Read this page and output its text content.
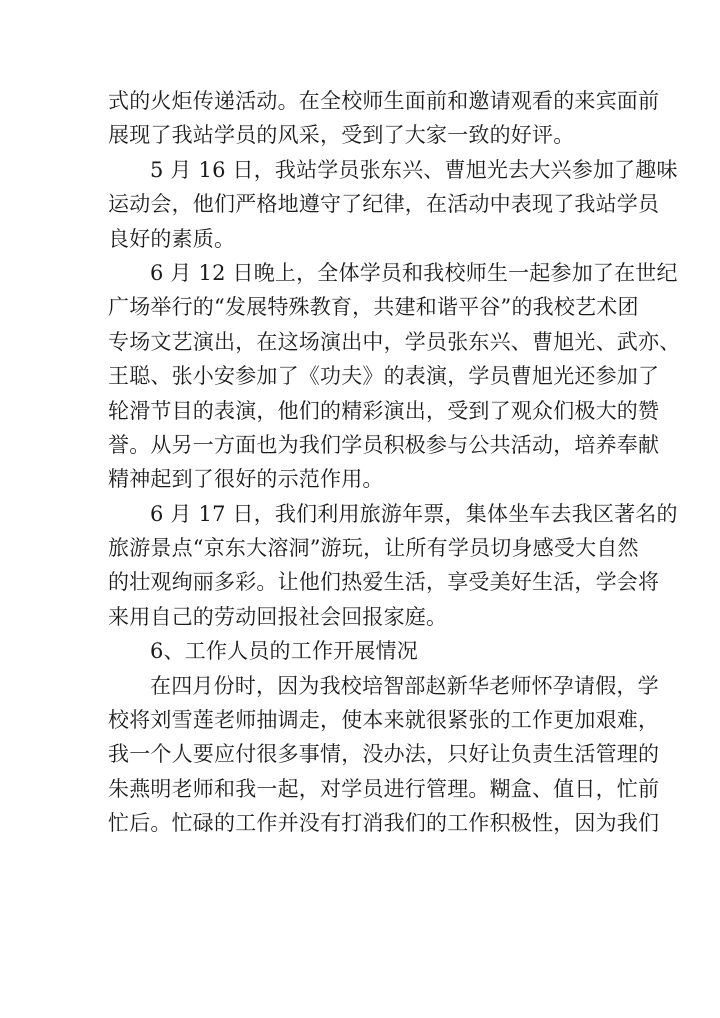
式的火炬传递活动。在全校师生面前和邀请观看的来宾面前
展现了我站学员的风采，受到了大家一致的好评。
5 月 16 日，我站学员张东兴、曹旭光去大兴参加了趣味
运动会，他们严格地遵守了纪律，在活动中表现了我站学员
良好的素质。
6 月 12 日晚上，全体学员和我校师生一起参加了在世纪
广场举行的“发展特殊教育，共建和谐平谷”的我校艺术团
专场文艺演出，在这场演出中，学员张东兴、曹旭光、武亦、
王聪、张小安参加了《功夫》的表演，学员曹旭光还参加了
轮滑节目的表演，他们的精彩演出，受到了观众们极大的赞
誉。从另一方面也为我们学员积极参与公共活动，培养奉献
精神起到了很好的示范作用。
6 月 17 日，我们利用旅游年票，集体坐车去我区著名的
旅游景点“京东大溶洞”游玩，让所有学员切身感受大自然
的壮观绚丽多彩。让他们热爱生活，享受美好生活，学会将
来用自己的劳动回报社会回报家庭。
6、工作人员的工作开展情况
在四月份时，因为我校培智部赵新华老师怀孕请假，学
校将刘雪莲老师抽调走，使本来就很紧张的工作更加艰难，
我一个人要应付很多事情，没办法，只好让负责生活管理的
朱燕明老师和我一起，对学员进行管理。糊盒、值日，忙前
忙后。忙碌的工作并没有打消我们的工作积极性，因为我们
